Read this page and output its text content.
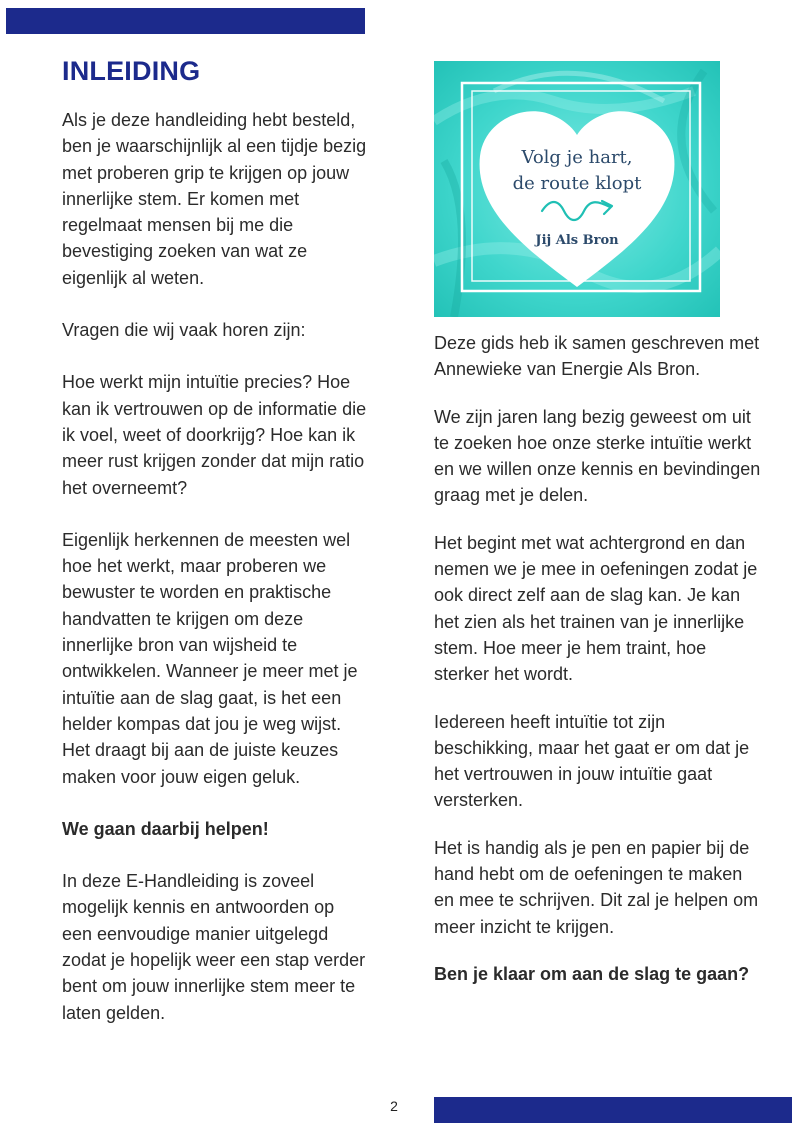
INLEIDING

Als je deze handleiding hebt besteld, ben je waarschijnlijk al een tijdje bezig met proberen grip te krijgen op jouw innerlijke stem. Er komen met regelmaat mensen bij me die bevestiging zoeken van wat ze eigenlijk al weten.

Vragen die wij vaak horen zijn:

Hoe werkt mijn intuïtie precies? Hoe kan ik vertrouwen op de informatie die ik voel, weet of doorkrijg? Hoe kan ik meer rust krijgen zonder dat mijn ratio het overneemt?

Eigenlijk herkennen de meesten wel hoe het werkt, maar proberen we bewuster te worden en praktische handvatten te krijgen om deze innerlijke bron van wijsheid te ontwikkelen. Wanneer je meer met je intuïtie aan de slag gaat, is het een helder kompas dat jou je weg wijst. Het draagt bij aan de juiste keuzes maken voor jouw eigen geluk.

We gaan daarbij helpen!

In deze E-Handleiding is zoveel mogelijk kennis en antwoorden op een eenvoudige manier uitgelegd zodat je hopelijk weer een stap verder bent om jouw innerlijke stem meer te laten gelden.

Volg je hart,
de route klopt
Jij Als Bron

Deze gids heb ik samen geschreven met Annewieke van Energie Als Bron.

We zijn jaren lang bezig geweest om uit te zoeken hoe onze sterke intuïtie werkt en we willen onze kennis en bevindingen graag met je delen.

Het begint met wat achtergrond en dan nemen we je mee in oefeningen zodat je ook direct zelf aan de slag kan. Je kan het zien als het trainen van je innerlijke stem. Hoe meer je hem traint, hoe sterker het wordt.

Iedereen heeft intuïtie tot zijn beschikking, maar het gaat er om dat je het vertrouwen in jouw intuïtie gaat versterken.

Het is handig als je pen en papier bij de hand hebt om de oefeningen te maken en mee te schrijven. Dit zal je helpen om meer inzicht te krijgen.

Ben je klaar om aan de slag te gaan?

2
